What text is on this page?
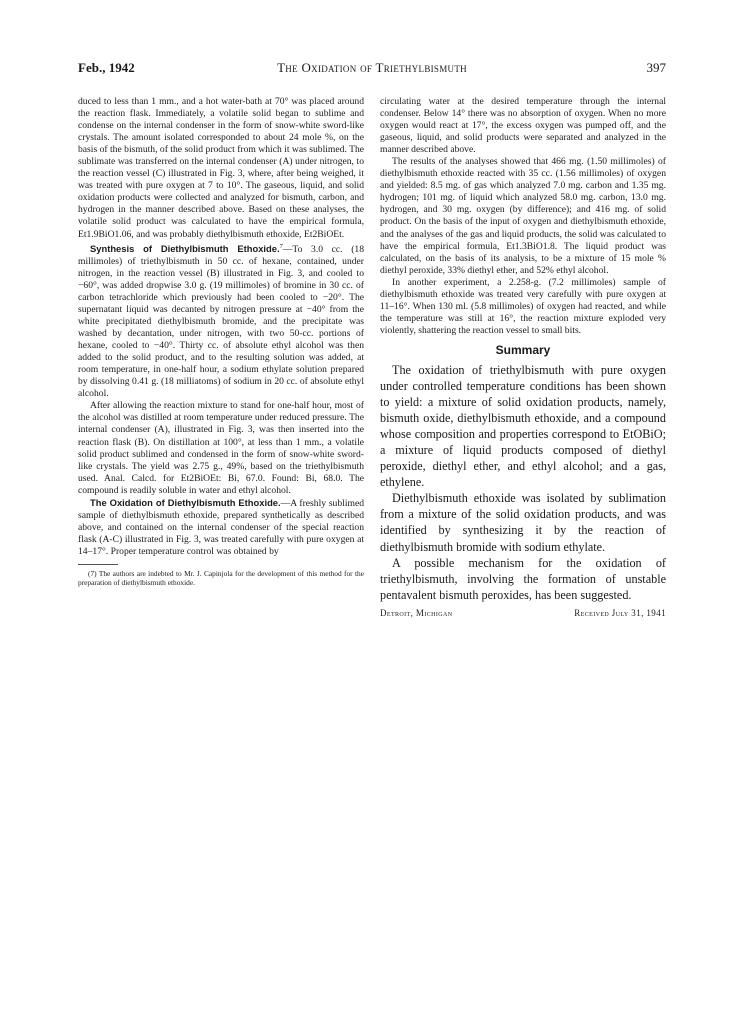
Feb., 1942	The Oxidation of Triethylbismuth	397

duced to less than 1 mm., and a hot water-bath at 70° was placed around the reaction flask. Immediately, a volatile solid began to sublime and condense on the internal condenser in the form of snow-white sword-like crystals. The amount isolated corresponded to about 24 mole %, on the basis of the bismuth, of the solid product from which it was sublimed. The sublimate was transferred on the internal condenser (A) under nitrogen, to the reaction vessel (C) illustrated in Fig. 3, where, after being weighed, it was treated with pure oxygen at 7 to 10°. The gaseous, liquid, and solid oxidation products were collected and analyzed for bismuth, carbon, and hydrogen in the manner described above. Based on these analyses, the volatile solid product was calculated to have the empirical formula, Et1.9BiO1.06, and was probably diethylbismuth ethoxide, Et2BiOEt.

Synthesis of Diethylbismuth Ethoxide.$^7$—To 3.0 cc. (18 millimoles) of triethylbismuth in 50 cc. of hexane, contained, under nitrogen, in the reaction vessel (B) illustrated in Fig. 3, and cooled to −60°, was added dropwise 3.0 g. (19 millimoles) of bromine in 30 cc. of carbon tetrachloride which previously had been cooled to −20°. The supernatant liquid was decanted by nitrogen pressure at −40° from the white precipitated diethylbismuth bromide, and the precipitate was washed by decantation, under nitrogen, with two 50-cc. portions of hexane, cooled to −40°. Thirty cc. of absolute ethyl alcohol was then added to the solid product, and to the resulting solution was added, at room temperature, in one-half hour, a sodium ethylate solution prepared by dissolving 0.41 g. (18 milliatoms) of sodium in 20 cc. of absolute ethyl alcohol.

After allowing the reaction mixture to stand for one-half hour, most of the alcohol was distilled at room temperature under reduced pressure. The internal condenser (A), illustrated in Fig. 3, was then inserted into the reaction flask (B). On distillation at 100°, at less than 1 mm., a volatile solid product sublimed and condensed in the form of snow-white sword-like crystals. The yield was 2.75 g., 49%, based on the triethylbismuth used. Anal. Calcd. for Et2BiOEt: Bi, 67.0. Found: Bi, 68.0. The compound is readily soluble in water and ethyl alcohol.

The Oxidation of Diethylbismuth Ethoxide.—A freshly sublimed sample of diethylbismuth ethoxide, prepared synthetically as described above, and contained on the internal condenser of the special reaction flask (A-C) illustrated in Fig. 3, was treated carefully with pure oxygen at 14–17°. Proper temperature control was obtained by

(7) The authors are indebted to Mr. J. Capinjola for the development of this method for the preparation of diethylbismuth ethoxide.

circulating water at the desired temperature through the internal condenser. Below 14° there was no absorption of oxygen. When no more oxygen would react at 17°, the excess oxygen was pumped off, and the gaseous, liquid, and solid products were separated and analyzed in the manner described above.

The results of the analyses showed that 466 mg. (1.50 millimoles) of diethylbismuth ethoxide reacted with 35 cc. (1.56 millimoles) of oxygen and yielded: 8.5 mg. of gas which analyzed 7.0 mg. carbon and 1.35 mg. hydrogen; 101 mg. of liquid which analyzed 58.0 mg. carbon, 13.0 mg. hydrogen, and 30 mg. oxygen (by difference); and 416 mg. of solid product. On the basis of the input of oxygen and diethylbismuth ethoxide, and the analyses of the gas and liquid products, the solid was calculated to have the empirical formula, Et1.3BiO1.8. The liquid product was calculated, on the basis of its analysis, to be a mixture of 15 mole % diethyl peroxide, 33% diethyl ether, and 52% ethyl alcohol.

In another experiment, a 2.258-g. (7.2 millimoles) sample of diethylbismuth ethoxide was treated very carefully with pure oxygen at 11–16°. When 130 ml. (5.8 millimoles) of oxygen had reacted, and while the temperature was still at 16°, the reaction mixture exploded very violently, shattering the reaction vessel to small bits.

Summary

The oxidation of triethylbismuth with pure oxygen under controlled temperature conditions has been shown to yield: a mixture of solid oxidation products, namely, bismuth oxide, diethylbismuth ethoxide, and a compound whose composition and properties correspond to EtOBiO; a mixture of liquid products composed of diethyl peroxide, diethyl ether, and ethyl alcohol; and a gas, ethylene.

Diethylbismuth ethoxide was isolated by sublimation from a mixture of the solid oxidation products, and was identified by synthesizing it by the reaction of diethylbismuth bromide with sodium ethylate.

A possible mechanism for the oxidation of triethylbismuth, involving the formation of unstable pentavalent bismuth peroxides, has been suggested.

Detroit, Michigan	Received July 31, 1941
